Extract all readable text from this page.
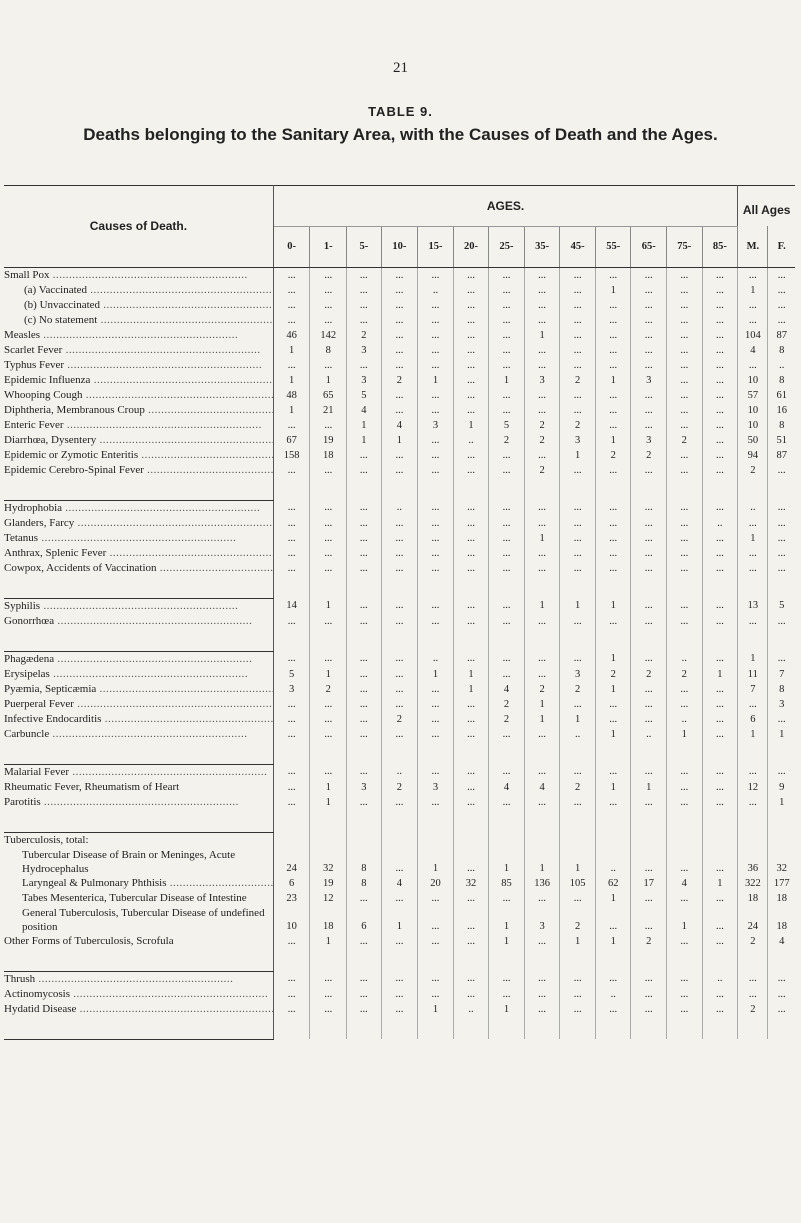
21
TABLE 9.
Deaths belonging to the Sanitary Area, with the Causes of Death and the Ages.
Causes of Death.	AGES.													All Ages	
	0-	1-	5-	10-	15-	20-	25-	35-	45-	55-	65-	75-	85-	M.	F.
Small Pox .....	...	...	...	...	...	...	...	...	...	...	...	...	...	...	...
(a) Vaccinated .....	...	...	...	...	..	...	...	...	...	1	...	...	...	1	...
(b) Unvaccinated .....	...	...	...	...	...	...	...	...	...	...	...	...	...	...	...
(c) No statement .....	...	...	...	...	...	...	...	...	...	...	...	...	...	...	...
Measles .....	46	142	2	...	...	...	...	1	...	...	...	...	...	104	87
Scarlet Fever .....	1	8	3	...	...	...	...	...	...	...	...	...	...	4	8
Typhus Fever .....	...	...	...	...	...	...	...	...	...	...	...	...	...	...	..
Epidemic Influenza .....	1	1	3	2	1	...	1	3	2	1	3	...	...	10	8
Whooping Cough .....	48	65	5	...	...	...	...	...	...	...	...	...	...	57	61
Diphtheria, Membranous Croup .....	1	21	4	...	...	...	...	...	...	...	...	...	...	10	16
Enteric Fever .....	...	...	1	4	3	1	5	2	2	...	...	...	...	10	8
Diarrhœa, Dysentery .....	67	19	1	1	...	..	2	2	3	1	3	2	...	50	51
Epidemic or Zymotic Enteritis .....	158	18	...	...	...	...	...	...	1	2	2	...	...	94	87
Epidemic Cerebro-Spinal Fever .....	...	...	...	...	...	...	...	2	...	...	...	...	...	2	...

Hydrophobia .....	...	...	...	..	...	...	...	...	...	...	...	...	...	..	...
Glanders, Farcy .....	...	...	...	...	...	...	...	...	...	...	...	...	..	...	...
Tetanus .....	...	...	...	...	...	...	...	1	...	...	...	...	...	1	...
Anthrax, Splenic Fever .....	...	...	...	...	...	...	...	...	...	...	...	...	...	...	...
Cowpox, Accidents of Vaccination .....	...	...	...	...	...	...	...	...	...	...	...	...	...	...	...

Syphilis .....	14	1	...	...	...	...	...	1	1	1	...	...	...	13	5
Gonorrhœa .....	...	...	...	...	...	...	...	...	...	...	...	...	...	...	...

Phagædena .....	...	...	...	...	..	...	...	...	...	1	...	..	...	1	...
Erysipelas .....	5	1	...	...	1	1	...	...	3	2	2	2	1	11	7
Pyæmia, Septicæmia .....	3	2	...	...	...	1	4	2	2	1	...	...	...	7	8
Puerperal Fever .....	...	...	...	...	...	...	2	1	...	...	...	...	...	...	3
Infective Endocarditis .....	...	...	...	2	...	...	2	1	1	...	...	..	...	6	...
Carbuncle .....	...	...	...	...	...	...	...	...	..	1	..	1	...	1	1

Malarial Fever .....	...	...	...	..	...	...	...	...	...	...	...	...	...	...	...
Rheumatic Fever, Rheumatism of Heart	...	1	3	2	3	...	4	4	2	1	1	...	...	12	9
Parotitis .....	...	1	...	...	...	...	...	...	...	...	...	...	...	...	1

Tuberculosis, total:															
Tubercular Disease of Brain or Meninges, Acute Hydrocephalus	24	32	8	...	1	...	1	1	1	..	...	...	...	36	32
Laryngeal & Pulmonary Phthisis .....	6	19	8	4	20	32	85	136	105	62	17	4	1	322	177
Tabes Mesenterica, Tubercular Disease of Intestine	23	12	...	...	...	...	...	...	...	1	...	...	...	18	18
General Tuberculosis, Tubercular Disease of undefined position	10	18	6	1	...	...	1	3	2	...	...	1	...	24	18
Other Forms of Tuberculosis, Scrofula	...	1	...	...	...	...	1	...	1	1	2	...	...	2	4

Thrush .....	...	...	...	...	...	...	...	...	...	...	...	...	..	...	...
Actinomycosis .....	...	...	...	...	...	...	...	...	...	..	...	...	...	...	...
Hydatid Disease .....	...	...	...	...	1	..	1	...	...	...	...	...	...	2	...
